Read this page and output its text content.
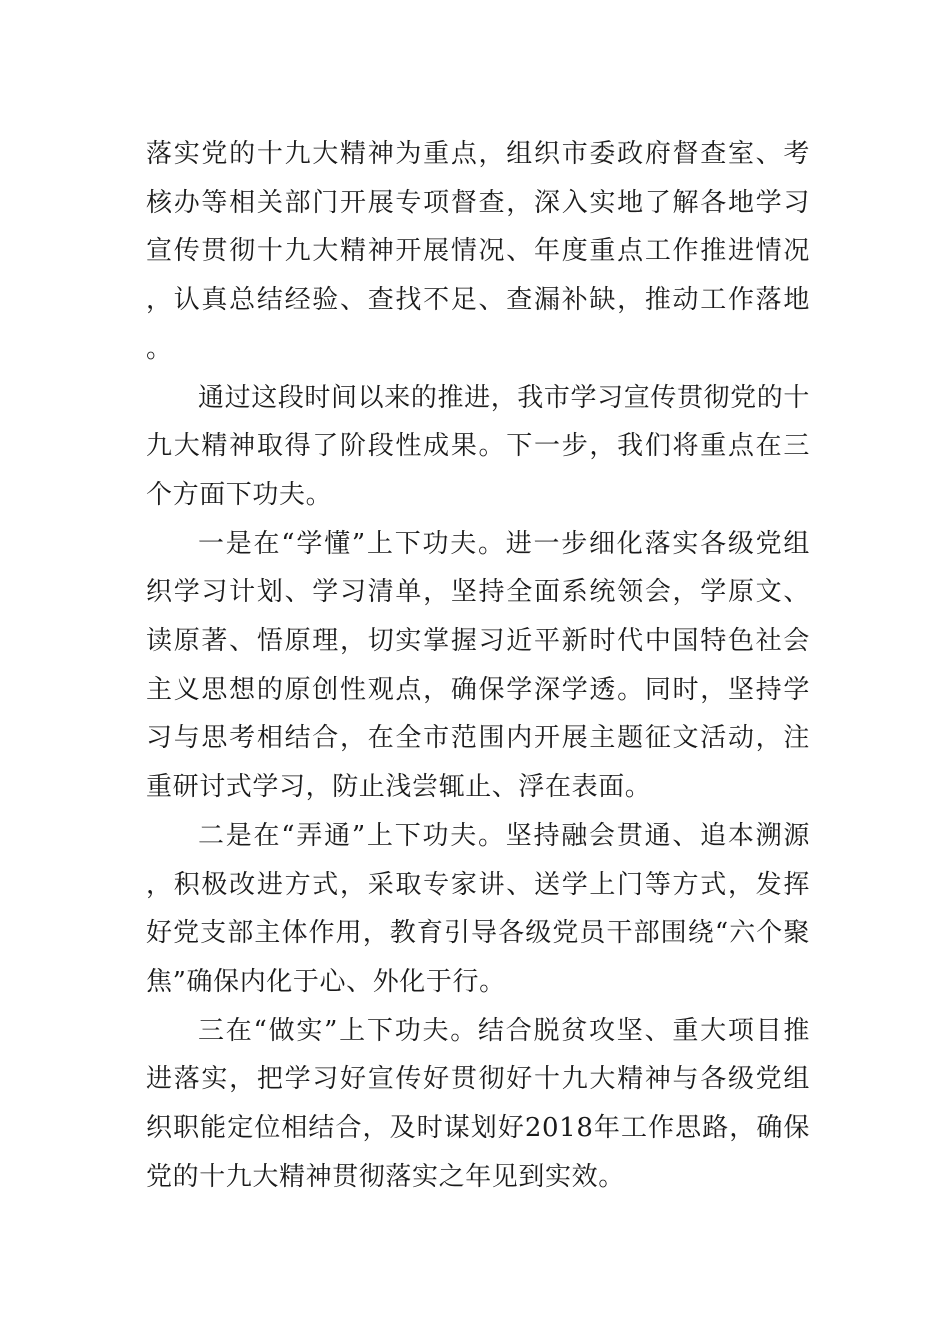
落实党的十九大精神为重点，组织市委政府督查室、考核办等相关部门开展专项督查，深入实地了解各地学习宣传贯彻十九大精神开展情况、年度重点工作推进情况，认真总结经验、查找不足、查漏补缺，推动工作落地。

通过这段时间以来的推进，我市学习宣传贯彻党的十九大精神取得了阶段性成果。下一步，我们将重点在三个方面下功夫。

一是在“学懂”上下功夫。进一步细化落实各级党组织学习计划、学习清单，坚持全面系统领会，学原文、读原著、悟原理，切实掌握习近平新时代中国特色社会主义思想的原创性观点，确保学深学透。同时，坚持学习与思考相结合，在全市范围内开展主题征文活动，注重研讨式学习，防止浅尝辄止、浮在表面。

二是在“弄通”上下功夫。坚持融会贯通、追本溯源，积极改进方式，采取专家讲、送学上门等方式，发挥好党支部主体作用，教育引导各级党员干部围绕“六个聚焦”确保内化于心、外化于行。

三在“做实”上下功夫。结合脱贫攻坚、重大项目推进落实，把学习好宣传好贯彻好十九大精神与各级党组织职能定位相结合，及时谋划好2018年工作思路，确保党的十九大精神贯彻落实之年见到实效。
